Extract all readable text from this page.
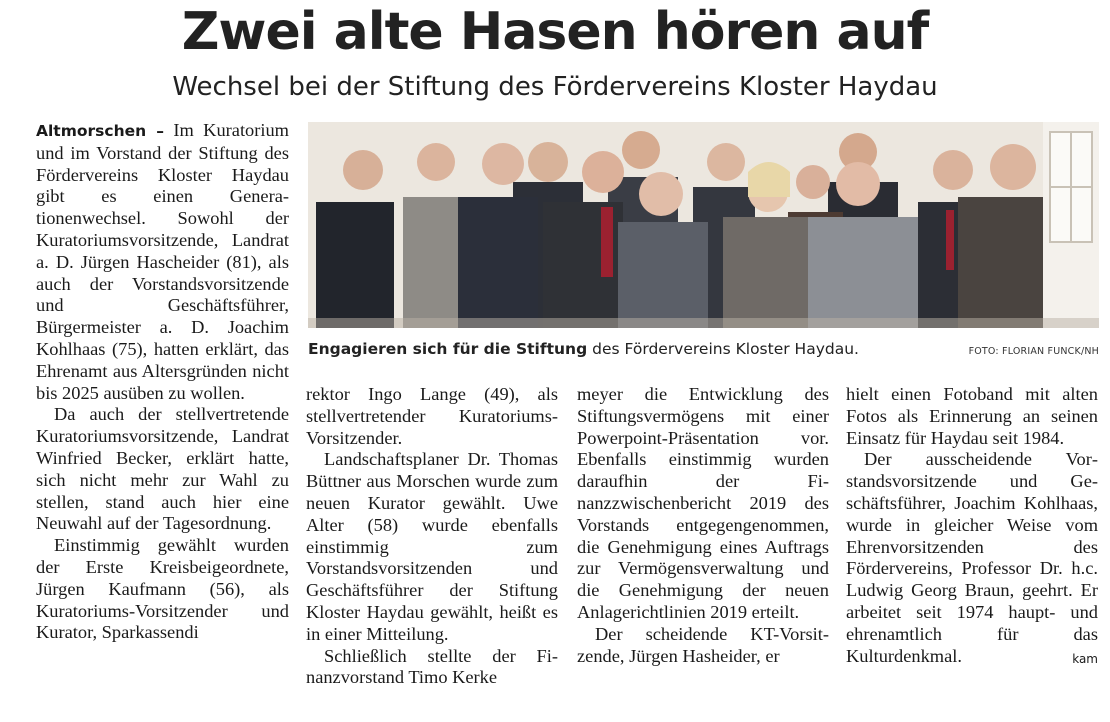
Zwei alte Hasen hören auf
Wechsel bei der Stiftung des Fördervereins Kloster Haydau
Engagieren sich für die Stiftung des Fördervereins Kloster Haydau.	FOTO: FLORIAN FUNCK/NH

Altmorschen – Im Kuratorium und im Vorstand der Stiftung des Fördervereins Kloster Haydau gibt es einen Generationenwechsel. Sowohl der Kuratoriumsvorsitzende, Landrat a. D. Jürgen Hascheider (81), als auch der Vorstandsvorsitzende und Geschäftsführer, Bürgermeister a. D. Joachim Kohlhaas (75), hatten erklärt, das Ehrenamt aus Altersgründen nicht bis 2025 ausüben zu wollen.

Da auch der stellvertretende Kuratoriumsvorsitzende, Landrat Winfried Becker, erklärt hatte, sich nicht mehr zur Wahl zu stellen, stand auch hier eine Neuwahl auf der Tagesordnung.

Einstimmig gewählt wurden der Erste Kreisbeigeordnete, Jürgen Kaufmann (56), als Kuratoriums-Vorsitzender und Kurator, Sparkassendi

rektor Ingo Lange (49), als stellvertretender Kuratoriums-Vorsitzender.

Landschaftsplaner Dr. Thomas Büttner aus Morschen wurde zum neuen Kurator gewählt. Uwe Alter (58) wurde ebenfalls einstimmig zum Vorstandsvorsitzenden und Geschäftsführer der Stiftung Kloster Haydau gewählt, heißt es in einer Mitteilung.

Schließlich stellte der Finanzvorstand Timo Kerke

meyer die Entwicklung des Stiftungsvermögens mit einer Powerpoint-Präsentation vor. Ebenfalls einstimmig wurden daraufhin der Finanzzwischenbericht 2019 des Vorstands entgegengenommen, die Genehmigung eines Auftrags zur Vermögensverwaltung und die Genehmigung der neuen Anlagerichtlinien 2019 erteilt.

Der scheidende KT-Vorsitzende, Jürgen Hasheider, er

hielt einen Fotoband mit alten Fotos als Erinnerung an seinen Einsatz für Haydau seit 1984.

Der ausscheidende Vorstandsvorsitzende und Geschäftsführer, Joachim Kohlhaas, wurde in gleicher Weise vom Ehrenvorsitzenden des Fördervereins, Professor Dr. h.c. Ludwig Georg Braun, geehrt. Er arbeitet seit 1974 haupt- und ehrenamtlich für das Kulturdenkmal.	kam
